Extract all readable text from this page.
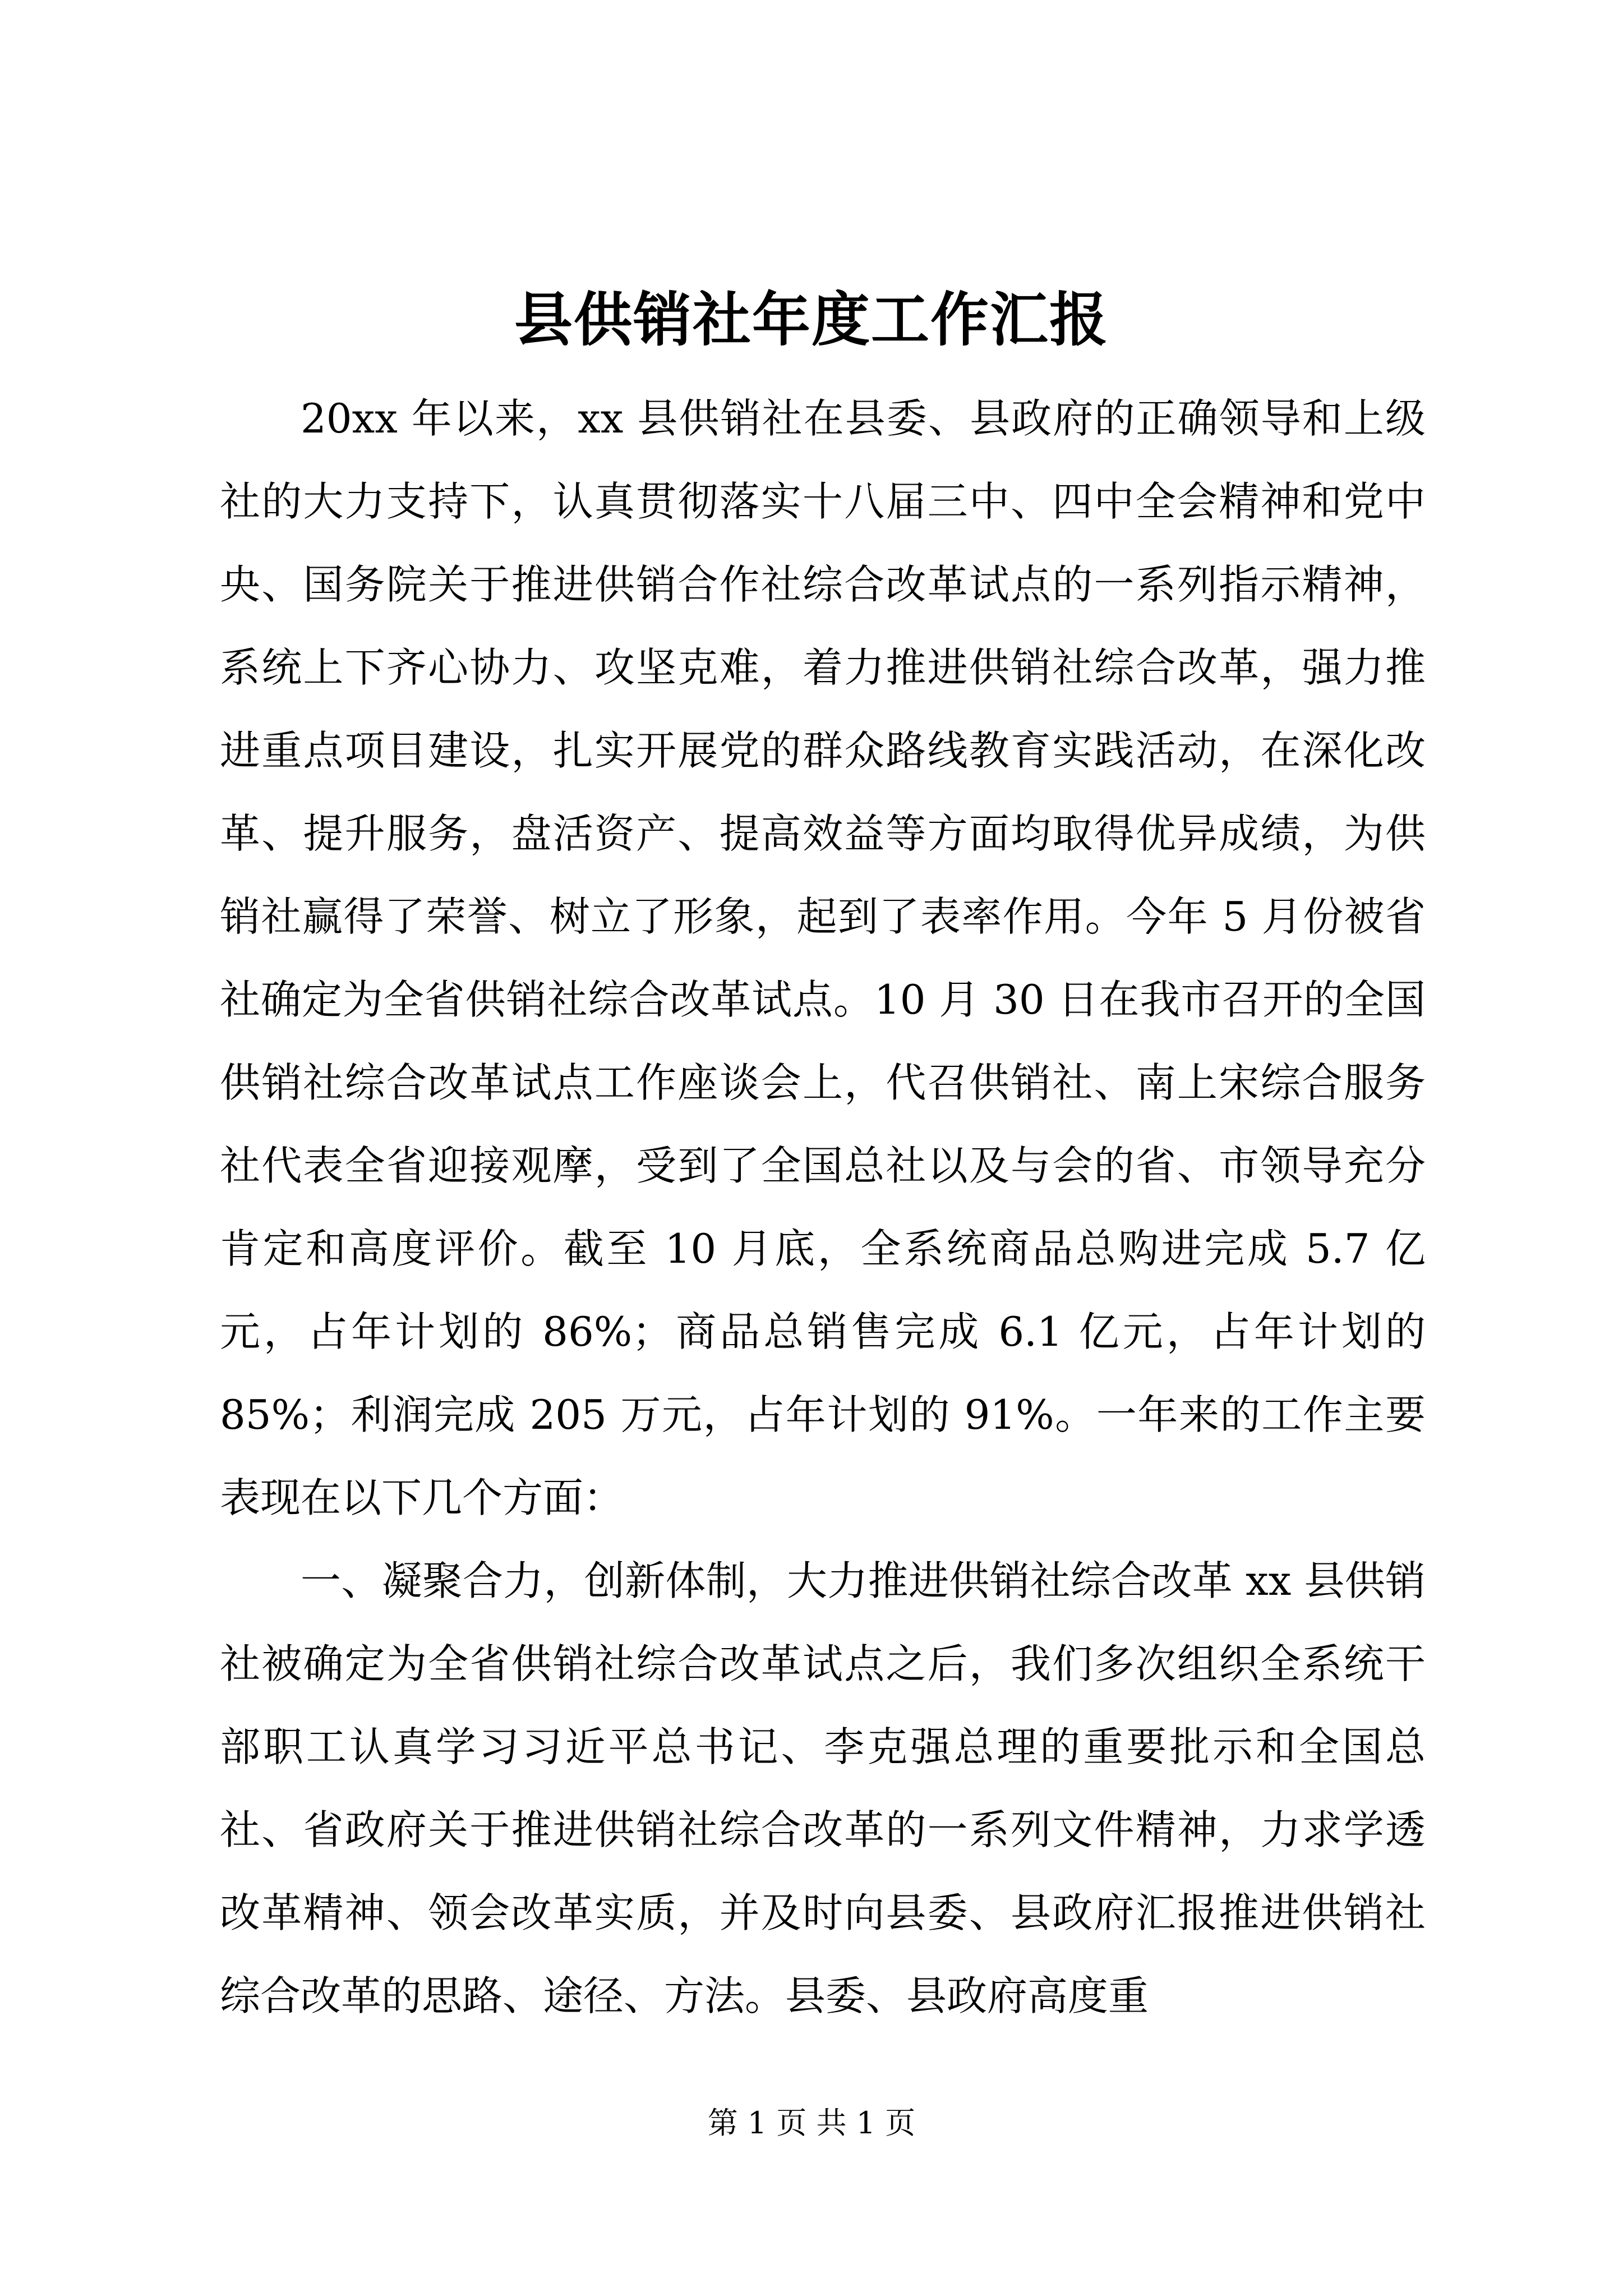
县供销社年度工作汇报

20xx 年以来，xx 县供销社在县委、县政府的正确领导和上级社的大力支持下，认真贯彻落实十八届三中、四中全会精神和党中央、国务院关于推进供销合作社综合改革试点的一系列指示精神，系统上下齐心协力、攻坚克难，着力推进供销社综合改革，强力推进重点项目建设，扎实开展党的群众路线教育实践活动，在深化改革、提升服务，盘活资产、提高效益等方面均取得优异成绩，为供销社赢得了荣誉、树立了形象，起到了表率作用。今年 5 月份被省社确定为全省供销社综合改革试点。10 月 30 日在我市召开的全国供销社综合改革试点工作座谈会上，代召供销社、南上宋综合服务社代表全省迎接观摩，受到了全国总社以及与会的省、市领导充分肯定和高度评价。截至 10 月底，全系统商品总购进完成 5.7 亿元，占年计划的 86%；商品总销售完成 6.1 亿元，占年计划的 85%；利润完成 205 万元，占年计划的 91%。一年来的工作主要表现在以下几个方面：

一、凝聚合力，创新体制，大力推进供销社综合改革 xx 县供销社被确定为全省供销社综合改革试点之后，我们多次组织全系统干部职工认真学习习近平总书记、李克强总理的重要批示和全国总社、省政府关于推进供销社综合改革的一系列文件精神，力求学透改革精神、领会改革实质，并及时向县委、县政府汇报推进供销社综合改革的思路、途径、方法。县委、县政府高度重

第 1 页 共 1 页
